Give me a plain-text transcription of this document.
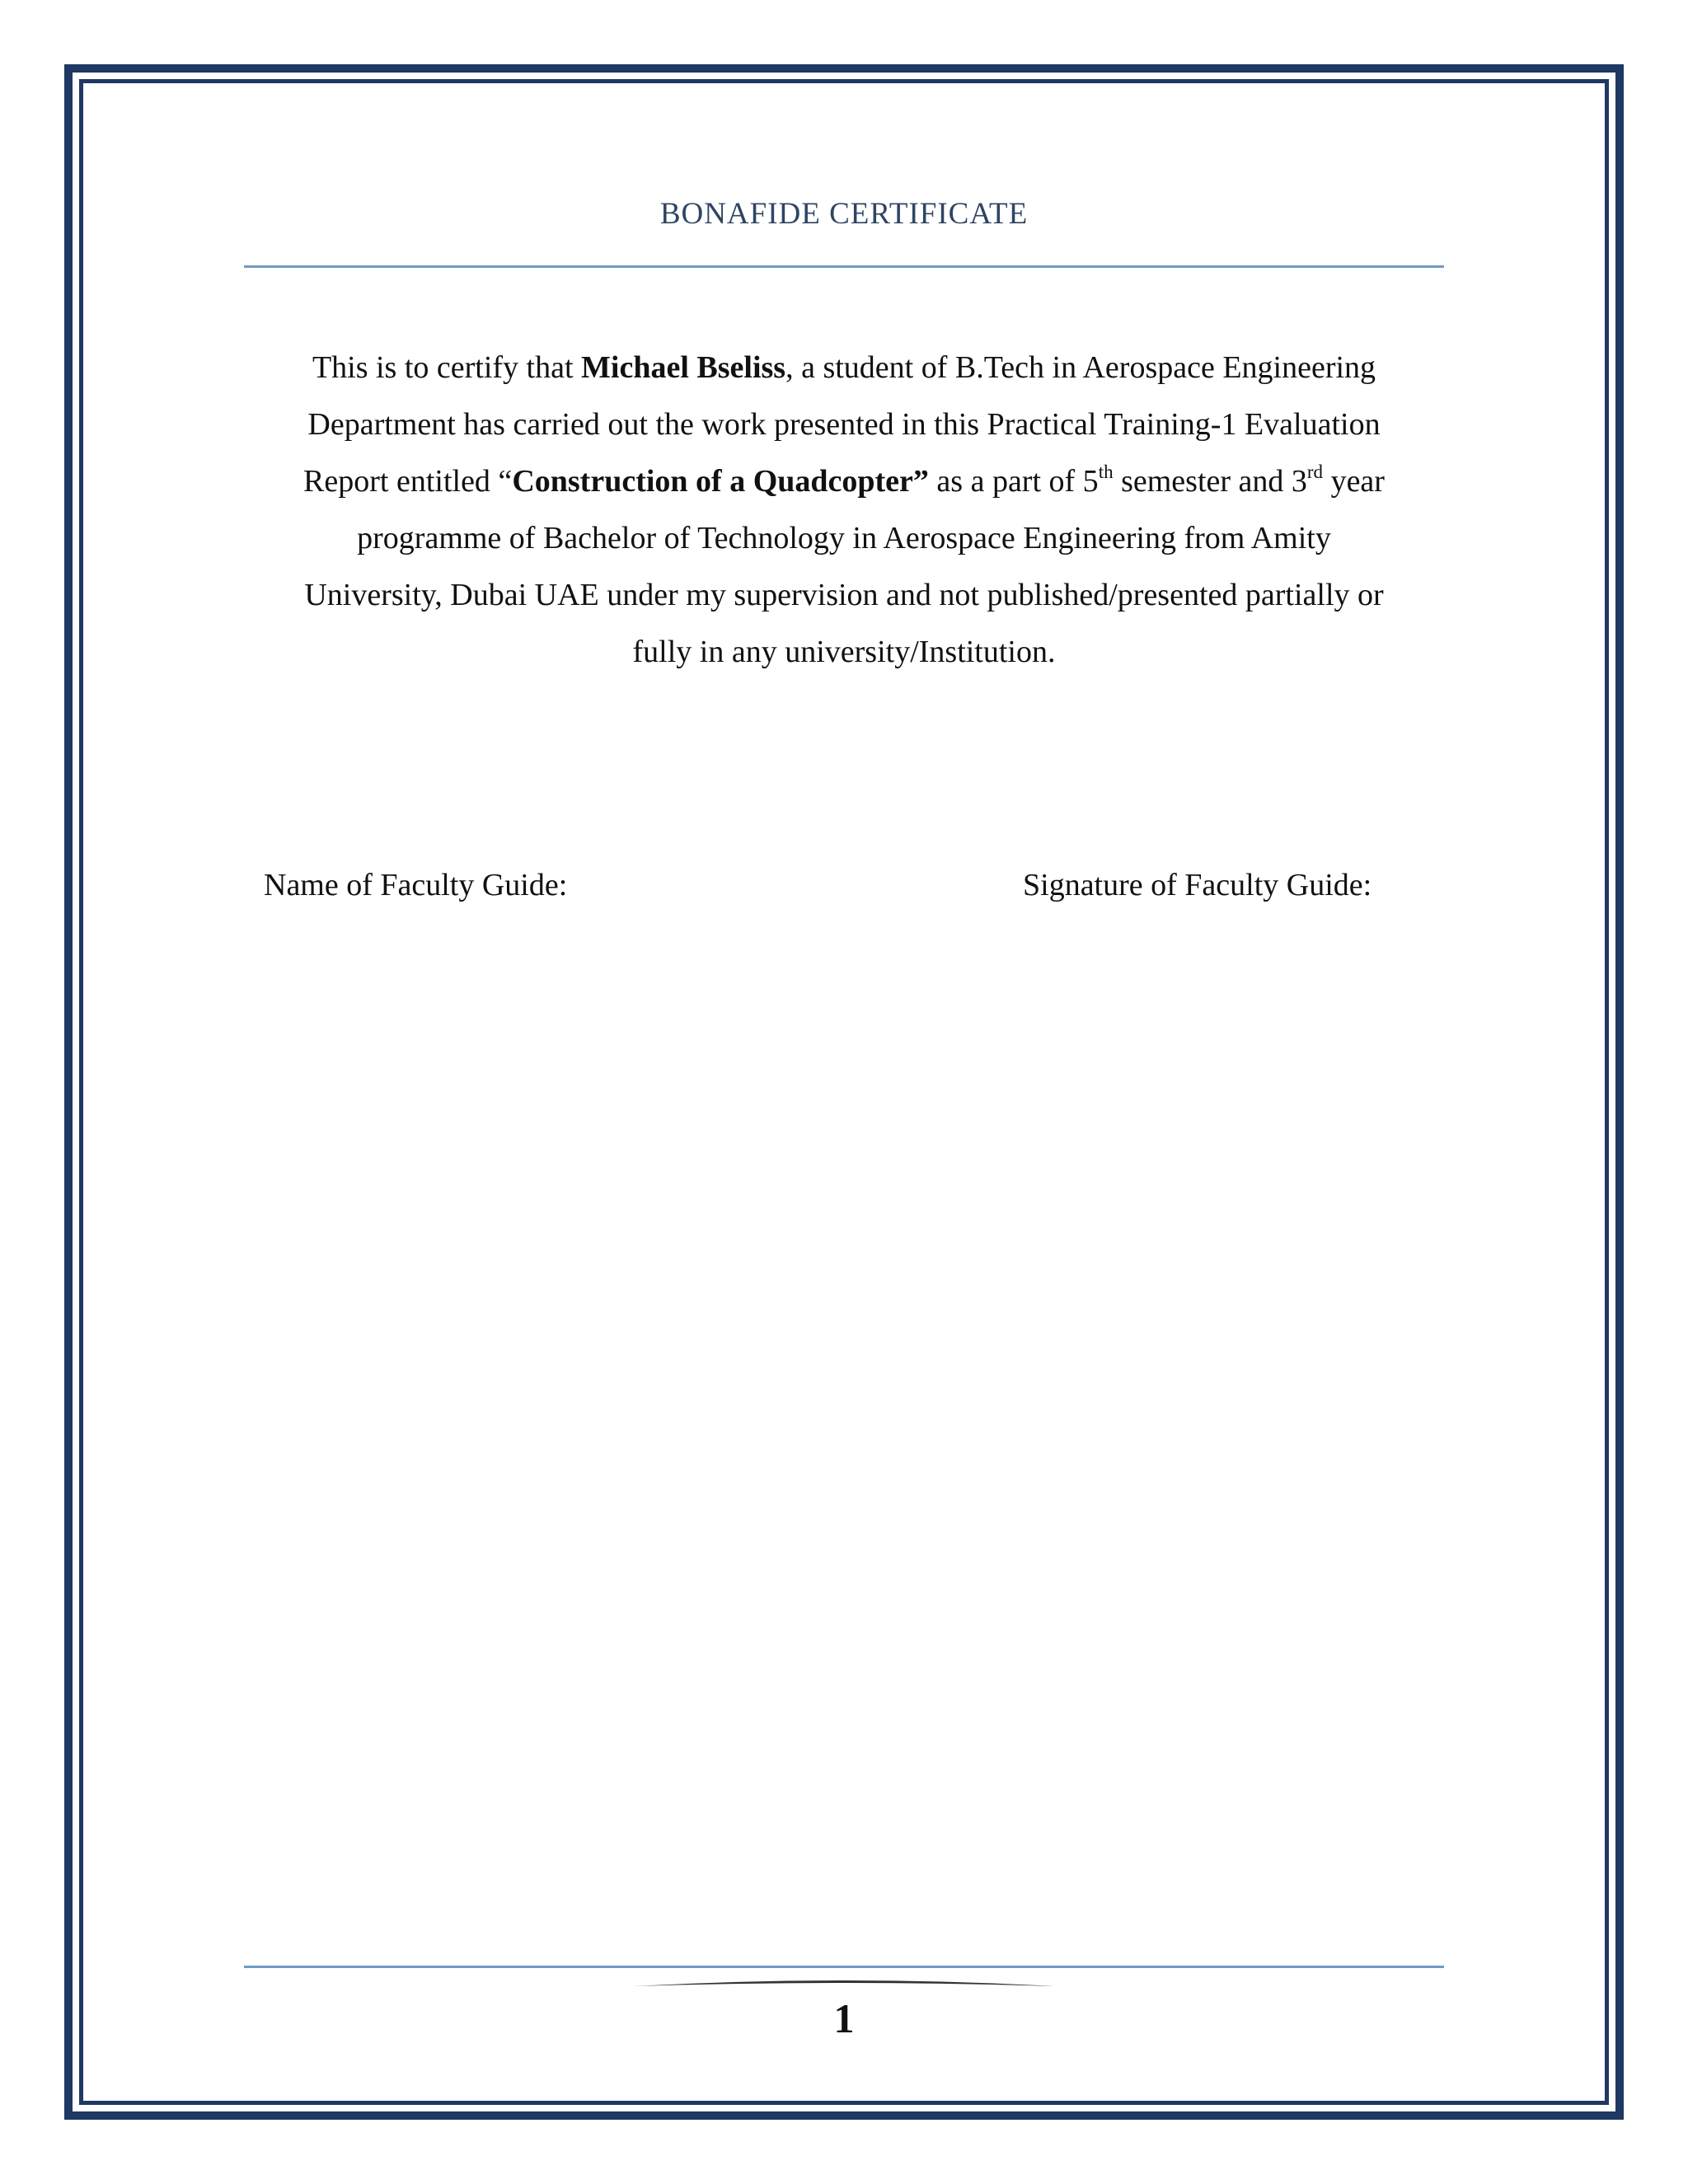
BONAFIDE CERTIFICATE
This is to certify that Michael Bseliss, a student of B.Tech in Aerospace Engineering
Department has carried out the work presented in this Practical Training-1 Evaluation
Report entitled “Construction of a Quadcopter” as a part of 5th semester and 3rd year
programme of Bachelor of Technology in Aerospace Engineering from Amity
University, Dubai UAE under my supervision and not published/presented partially or
fully in any university/Institution.
Name of Faculty Guide:	Signature of Faculty Guide:
1
